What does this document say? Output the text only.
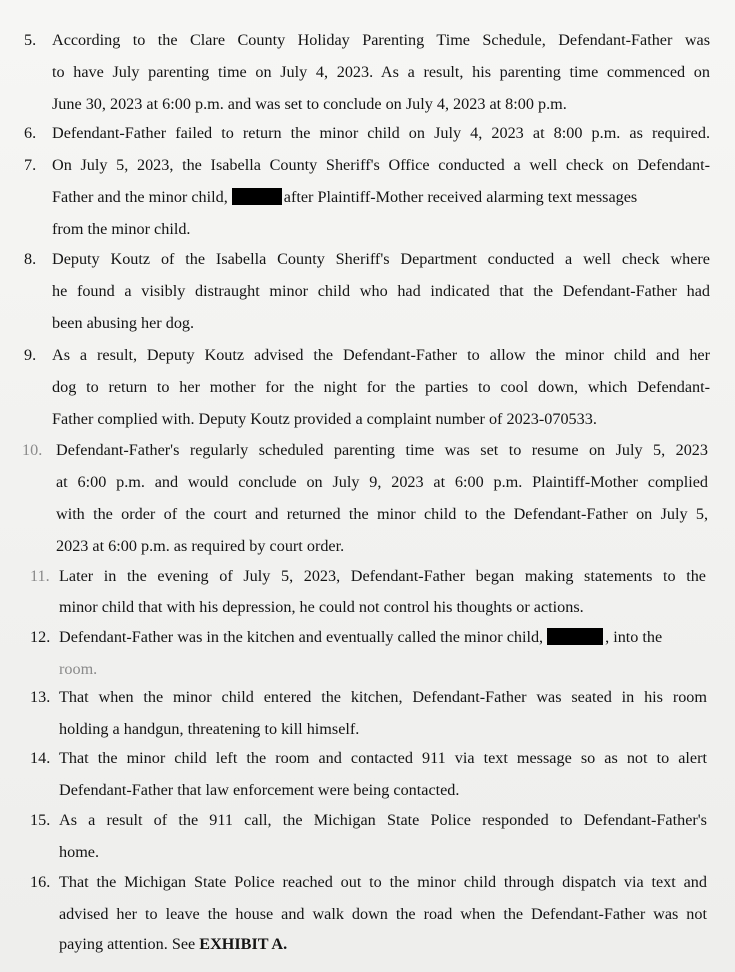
5. According to the Clare County Holiday Parenting Time Schedule, Defendant-Father was
to have July parenting time on July 4, 2023. As a result, his parenting time commenced on
June 30, 2023 at 6:00 p.m. and was set to conclude on July 4, 2023 at 8:00 p.m.
6. Defendant-Father failed to return the minor child on July 4, 2023 at 8:00 p.m. as required.
7. On July 5, 2023, the Isabella County Sheriff's Office conducted a well check on Defendant-
Father and the minor child,	after Plaintiff-Mother received alarming text messages
from the minor child.
8. Deputy Koutz of the Isabella County Sheriff's Department conducted a well check where
he found a visibly distraught minor child who had indicated that the Defendant-Father had
been abusing her dog.
9. As a result, Deputy Koutz advised the Defendant-Father to allow the minor child and her
dog to return to her mother for the night for the parties to cool down, which Defendant-
Father complied with. Deputy Koutz provided a complaint number of 2023-070533.
10. Defendant-Father's regularly scheduled parenting time was set to resume on July 5, 2023
at 6:00 p.m. and would conclude on July 9, 2023 at 6:00 p.m. Plaintiff-Mother complied
with the order of the court and returned the minor child to the Defendant-Father on July 5,
2023 at 6:00 p.m. as required by court order.
11. Later in the evening of July 5, 2023, Defendant-Father began making statements to the
minor child that with his depression, he could not control his thoughts or actions.
12. Defendant-Father was in the kitchen and eventually called the minor child,	, into the
room.
13. That when the minor child entered the kitchen, Defendant-Father was seated in his room
holding a handgun, threatening to kill himself.
14. That the minor child left the room and contacted 911 via text message so as not to alert
Defendant-Father that law enforcement were being contacted.
15. As a result of the 911 call, the Michigan State Police responded to Defendant-Father's
home.
16. That the Michigan State Police reached out to the minor child through dispatch via text and
advised her to leave the house and walk down the road when the Defendant-Father was not
paying attention. See EXHIBIT A.
